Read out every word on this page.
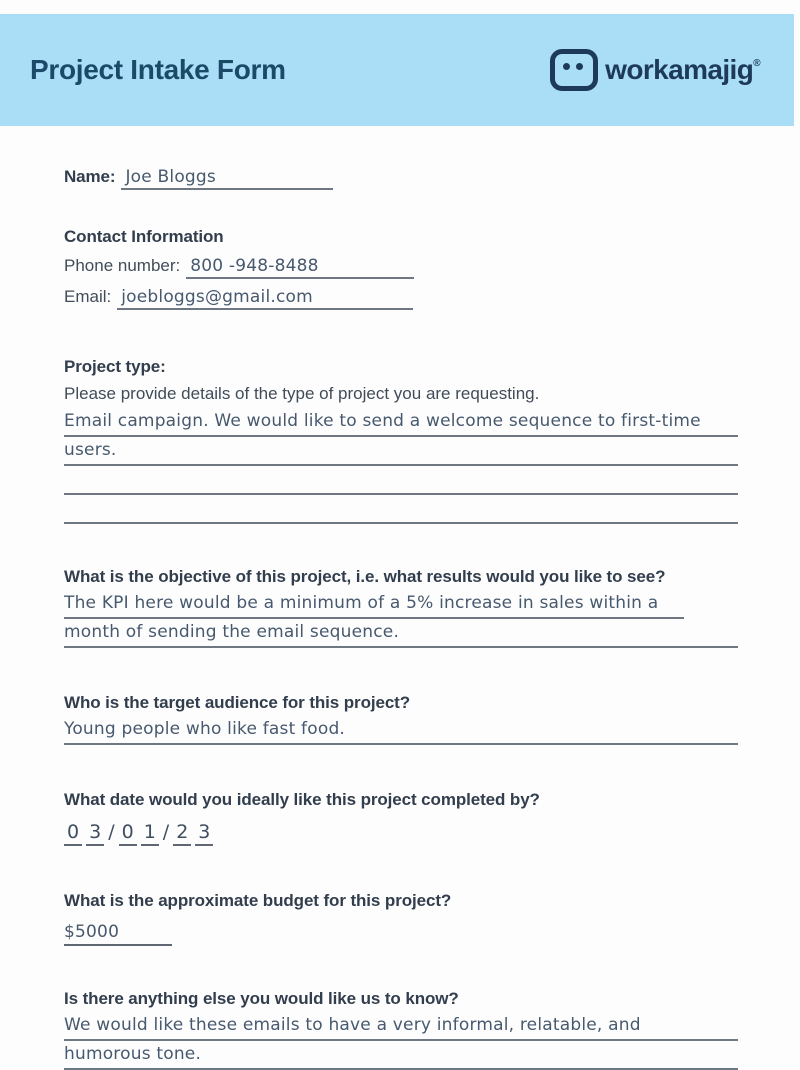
Project Intake Form	workamajig®
Name: Joe Bloggs
Contact Information
Phone number: 800 -948-8488
Email: joebloggs@gmail.com
Project type:
Please provide details of the type of project you are requesting.
Email campaign. We would like to send a welcome sequence to first-time
users.
What is the objective of this project, i.e. what results would you like to see?
The KPI here would be a minimum of a 5% increase in sales within a
month of sending the email sequence.
Who is the target audience for this project?
Young people who like fast food.
What date would you ideally like this project completed by?
0 3 / 0 1 / 2 3
What is the approximate budget for this project?
$5000
Is there anything else you would like us to know?
We would like these emails to have a very informal, relatable, and
humorous tone.
